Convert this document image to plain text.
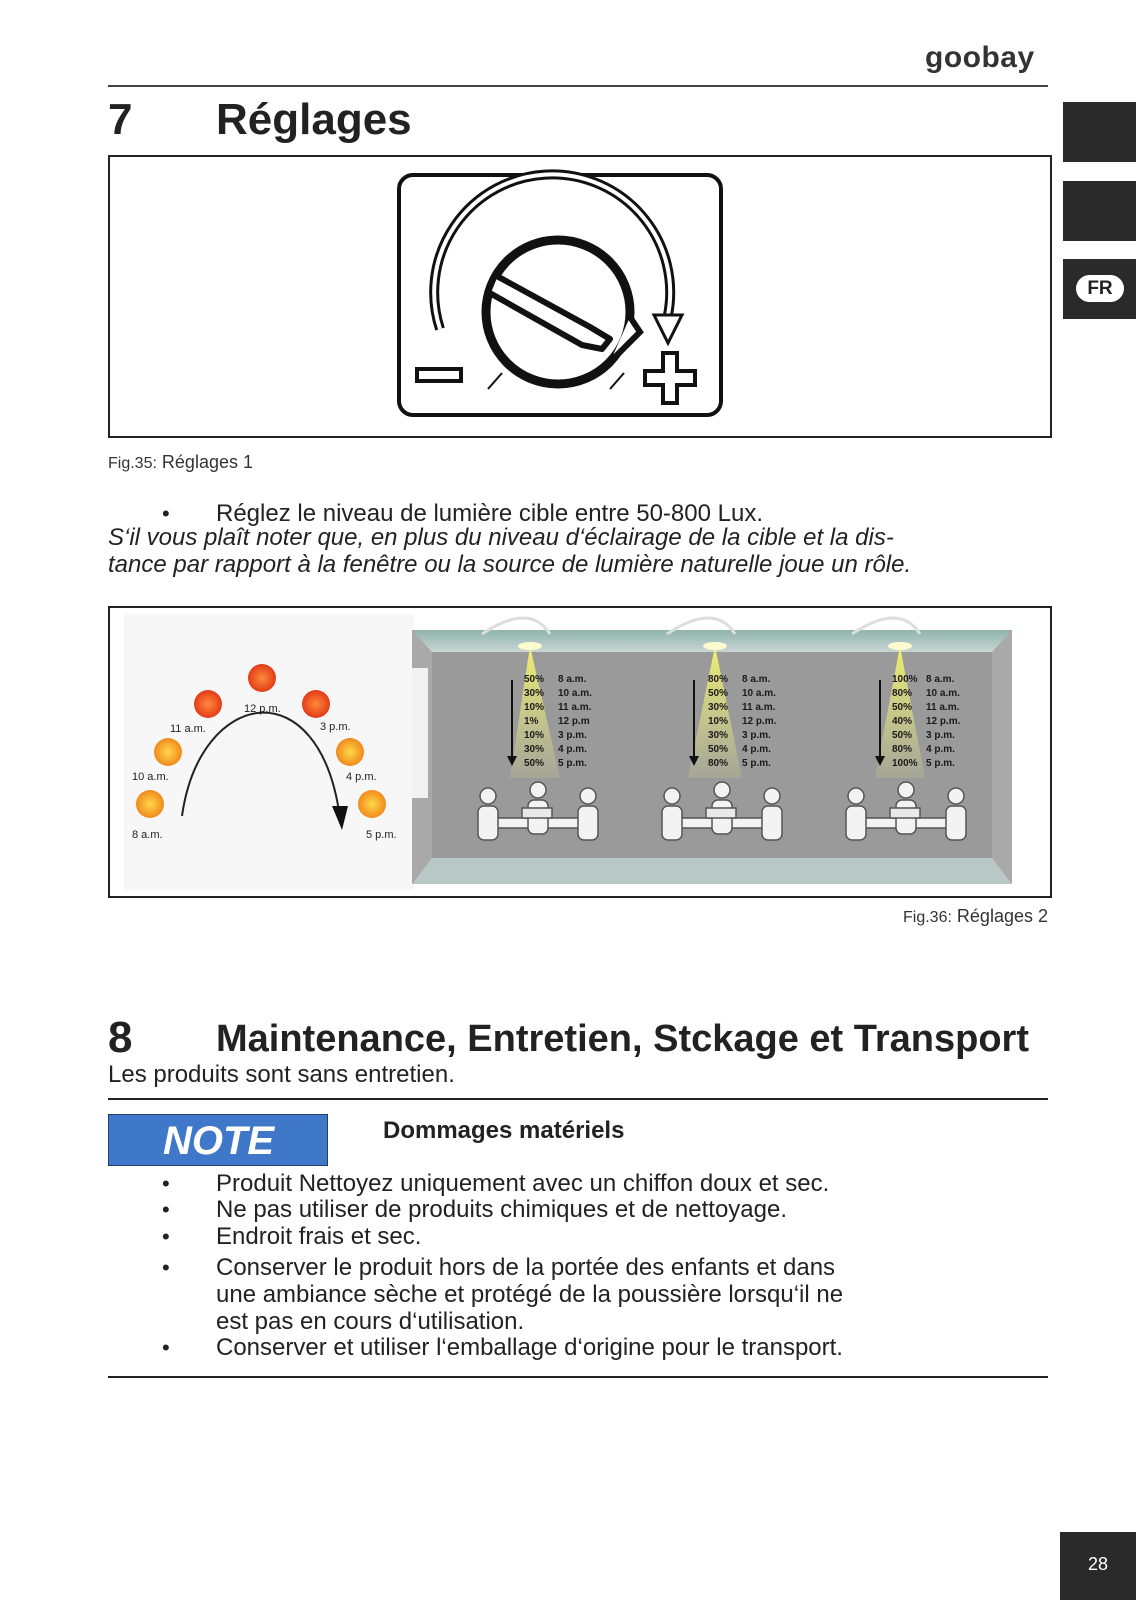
goobay
FR
7 Réglages
Fig.35: Réglages 1
• Réglez le niveau de lumière cible entre 50-800 Lux.
S‘il vous plaît noter que, en plus du niveau d‘éclairage de la cible et la dis-
tance par rapport à la fenêtre ou la source de lumière naturelle joue un rôle.
8 a.m.
10 a.m.
11 a.m.
12 p.m.
3 p.m.
4 p.m.
5 p.m.
50% 8 a.m.
30% 10 a.m.
10% 11 a.m.
1% 12 p.m
10% 3 p.m.
30% 4 p.m.
50% 5 p.m.
80% 8 a.m.
50% 10 a.m.
30% 11 a.m.
10% 12 p.m.
30% 3 p.m.
50% 4 p.m.
80% 5 p.m.
100% 8 a.m.
80% 10 a.m.
50% 11 a.m.
40% 12 p.m.
50% 3 p.m.
80% 4 p.m.
100% 5 p.m.
Fig.36: Réglages 2
8 Maintenance, Entretien, Stckage et Transport
Les produits sont sans entretien.
NOTE	Dommages matériels
• Produit Nettoyez uniquement avec un chiffon doux et sec.
• Ne pas utiliser de produits chimiques et de nettoyage.
• Endroit frais et sec.
• Conserver le produit hors de la portée des enfants et dans
une ambiance sèche et protégé de la poussière lorsqu‘il ne
est pas en cours d‘utilisation.
• Conserver et utiliser l‘emballage d‘origine pour le transport.
28
